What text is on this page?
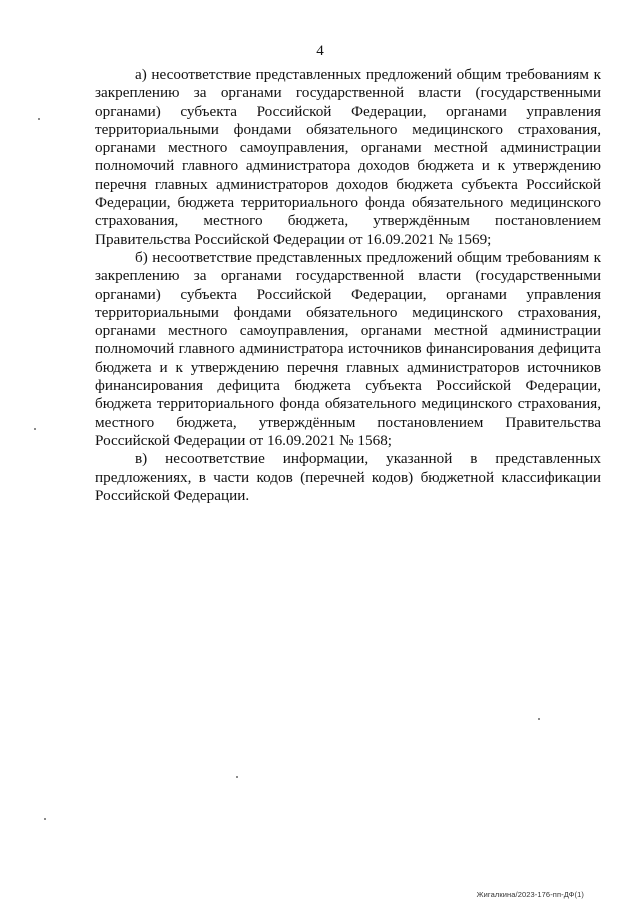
4

а) несоответствие представленных предложений общим требованиям к закреплению за органами государственной власти (государственными органами) субъекта Российской Федерации, органами управления территориальными фондами обязательного медицинского страхования, органами местного самоуправления, органами местной администрации полномочий главного администратора доходов бюджета и к утверждению перечня главных администраторов доходов бюджета субъекта Российской Федерации, бюджета территориального фонда обязательного медицинского страхования, местного бюджета, утверждённым постановлением Правительства Российской Федерации от 16.09.2021 № 1569;

б) несоответствие представленных предложений общим требованиям к закреплению за органами государственной власти (государственными органами) субъекта Российской Федерации, органами управления территориальными фондами обязательного медицинского страхования, органами местного самоуправления, органами местной администрации полномочий главного администратора источников финансирования дефицита бюджета и к утверждению перечня главных администраторов источников финансирования дефицита бюджета субъекта Российской Федерации, бюджета территориального фонда обязательного медицинского страхования, местного бюджета, утверждённым постановлением Правительства Российской Федерации от 16.09.2021 № 1568;

в) несоответствие информации, указанной в представленных предложениях, в части кодов (перечней кодов) бюджетной классификации Российской Федерации.

Жигалкина/2023-176-пп-ДФ(1)
